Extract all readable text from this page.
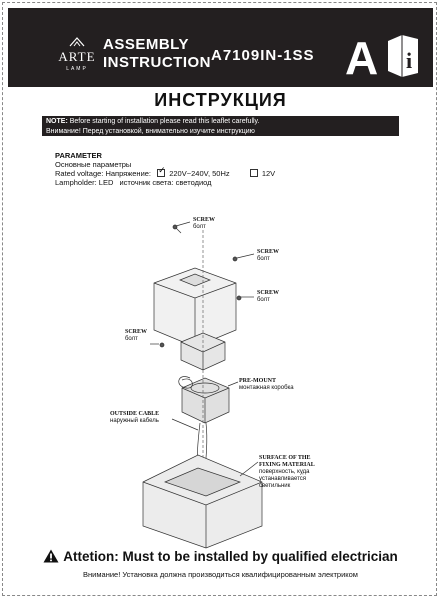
ARTE
LAMP
ASSEMBLY
INSTRUCTION A7109IN-1SS A i
ИНСТРУКЦИЯ
NOTE: Before starting of installation please read this leaflet carefully.
Внимание! Перед установкой, внимательно изучите инструкцию
PARAMETER
Основные параметры
Rated voltage: Напряжение: ✓ 220V~240V, 50Hz	12V
Lampholder: LED источник света: светодиод
SCREW
болт
SCREW
болт
SCREW
болт
SCREW
болт
PRE-MOUNT
монтажная коробка
OUTSIDE CABLE
наружный кабель
SURFACE OF THE
FIXING MATERIAL
поверхность, куда
устанавливается
светильник
Attetion: Must to be installed by qualified electrician
Внимание! Установка должна производиться квалифицированным электриком
